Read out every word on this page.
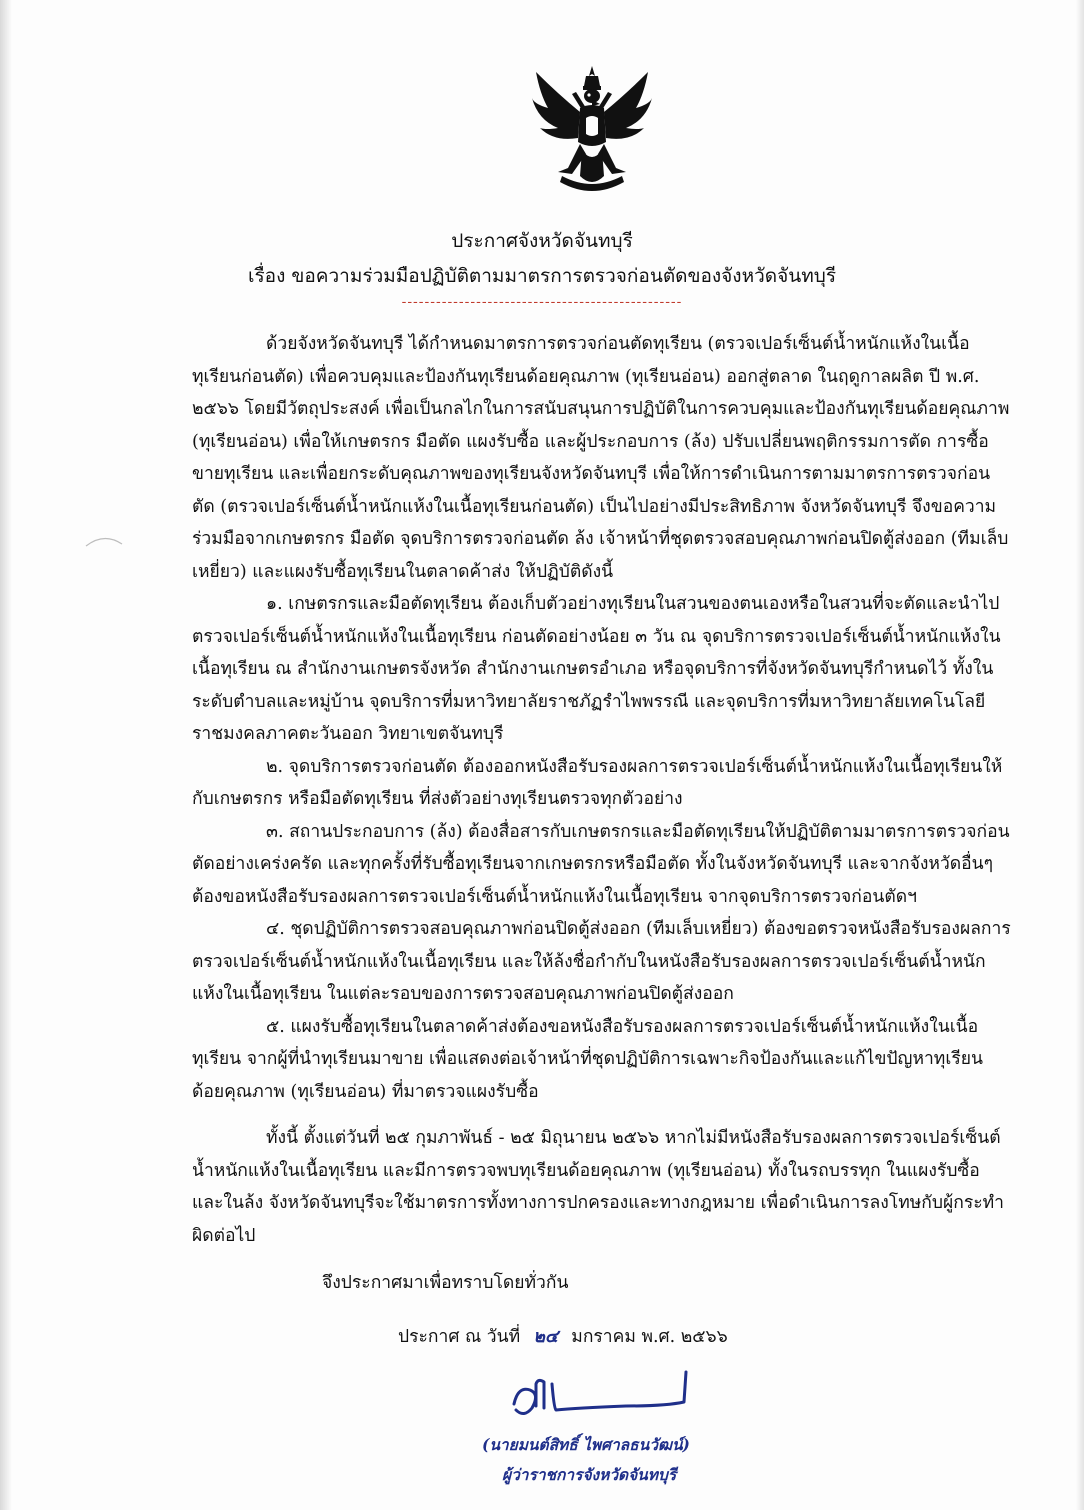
ประกาศจังหวัดจันทบุรี
เรื่อง ขอความร่วมมือปฏิบัติตามมาตรการตรวจก่อนตัดของจังหวัดจันทบุรี
-------------------------------------------------

ด้วยจังหวัดจันทบุรี ได้กำหนดมาตรการตรวจก่อนตัดทุเรียน (ตรวจเปอร์เซ็นต์น้ำหนักแห้งในเนื้อทุเรียนก่อนตัด) เพื่อควบคุมและป้องกันทุเรียนด้อยคุณภาพ (ทุเรียนอ่อน) ออกสู่ตลาด ในฤดูกาลผลิต ปี พ.ศ. ๒๕๖๖ โดยมีวัตถุประสงค์ เพื่อเป็นกลไกในการสนับสนุนการปฏิบัติในการควบคุมและป้องกันทุเรียนด้อยคุณภาพ (ทุเรียนอ่อน) เพื่อให้เกษตรกร มือตัด แผงรับซื้อ และผู้ประกอบการ (ล้ง) ปรับเปลี่ยนพฤติกรรมการตัด การซื้อขายทุเรียน และเพื่อยกระดับคุณภาพของทุเรียนจังหวัดจันทบุรี เพื่อให้การดำเนินการตามมาตรการตรวจก่อนตัด (ตรวจเปอร์เซ็นต์น้ำหนักแห้งในเนื้อทุเรียนก่อนตัด) เป็นไปอย่างมีประสิทธิภาพ จังหวัดจันทบุรี จึงขอความร่วมมือจากเกษตรกร มือตัด จุดบริการตรวจก่อนตัด ล้ง เจ้าหน้าที่ชุดตรวจสอบคุณภาพก่อนปิดตู้ส่งออก (ทีมเล็บเหยี่ยว) และแผงรับซื้อทุเรียนในตลาดค้าส่ง ให้ปฏิบัติดังนี้

๑. เกษตรกรและมือตัดทุเรียน ต้องเก็บตัวอย่างทุเรียนในสวนของตนเองหรือในสวนที่จะตัดและนำไปตรวจเปอร์เซ็นต์น้ำหนักแห้งในเนื้อทุเรียน ก่อนตัดอย่างน้อย ๓ วัน ณ จุดบริการตรวจเปอร์เซ็นต์น้ำหนักแห้งในเนื้อทุเรียน ณ สำนักงานเกษตรจังหวัด สำนักงานเกษตรอำเภอ หรือจุดบริการที่จังหวัดจันทบุรีกำหนดไว้ ทั้งในระดับตำบลและหมู่บ้าน จุดบริการที่มหาวิทยาลัยราชภัฏรำไพพรรณี และจุดบริการที่มหาวิทยาลัยเทคโนโลยีราชมงคลภาคตะวันออก วิทยาเขตจันทบุรี

๒. จุดบริการตรวจก่อนตัด ต้องออกหนังสือรับรองผลการตรวจเปอร์เซ็นต์น้ำหนักแห้งในเนื้อทุเรียนให้กับเกษตรกร หรือมือตัดทุเรียน ที่ส่งตัวอย่างทุเรียนตรวจทุกตัวอย่าง

๓. สถานประกอบการ (ล้ง) ต้องสื่อสารกับเกษตรกรและมือตัดทุเรียนให้ปฏิบัติตามมาตรการตรวจก่อนตัดอย่างเคร่งครัด และทุกครั้งที่รับซื้อทุเรียนจากเกษตรกรหรือมือตัด ทั้งในจังหวัดจันทบุรี และจากจังหวัดอื่นๆ ต้องขอหนังสือรับรองผลการตรวจเปอร์เซ็นต์น้ำหนักแห้งในเนื้อทุเรียน จากจุดบริการตรวจก่อนตัดฯ

๔. ชุดปฏิบัติการตรวจสอบคุณภาพก่อนปิดตู้ส่งออก (ทีมเล็บเหยี่ยว) ต้องขอตรวจหนังสือรับรองผลการตรวจเปอร์เซ็นต์น้ำหนักแห้งในเนื้อทุเรียน และให้ล้งชื่อกำกับในหนังสือรับรองผลการตรวจเปอร์เซ็นต์น้ำหนักแห้งในเนื้อทุเรียน ในแต่ละรอบของการตรวจสอบคุณภาพก่อนปิดตู้ส่งออก

๕. แผงรับซื้อทุเรียนในตลาดค้าส่งต้องขอหนังสือรับรองผลการตรวจเปอร์เซ็นต์น้ำหนักแห้งในเนื้อทุเรียน จากผู้ที่นำทุเรียนมาขาย เพื่อแสดงต่อเจ้าหน้าที่ชุดปฏิบัติการเฉพาะกิจป้องกันและแก้ไขปัญหาทุเรียนด้อยคุณภาพ (ทุเรียนอ่อน) ที่มาตรวจแผงรับซื้อ

ทั้งนี้ ตั้งแต่วันที่ ๒๕ กุมภาพันธ์ - ๒๕ มิถุนายน ๒๕๖๖ หากไม่มีหนังสือรับรองผลการตรวจเปอร์เซ็นต์น้ำหนักแห้งในเนื้อทุเรียน และมีการตรวจพบทุเรียนด้อยคุณภาพ (ทุเรียนอ่อน) ทั้งในรถบรรทุก ในแผงรับซื้อ และในล้ง จังหวัดจันทบุรีจะใช้มาตรการทั้งทางการปกครองและทางกฎหมาย เพื่อดำเนินการลงโทษกับผู้กระทำผิดต่อไป

จึงประกาศมาเพื่อทราบโดยทั่วกัน
ประกาศ ณ วันที่ ๒๔ มกราคม พ.ศ. ๒๕๖๖
(นายมนต์สิทธิ์ ไพศาลธนวัฒน์)
ผู้ว่าราชการจังหวัดจันทบุรี
